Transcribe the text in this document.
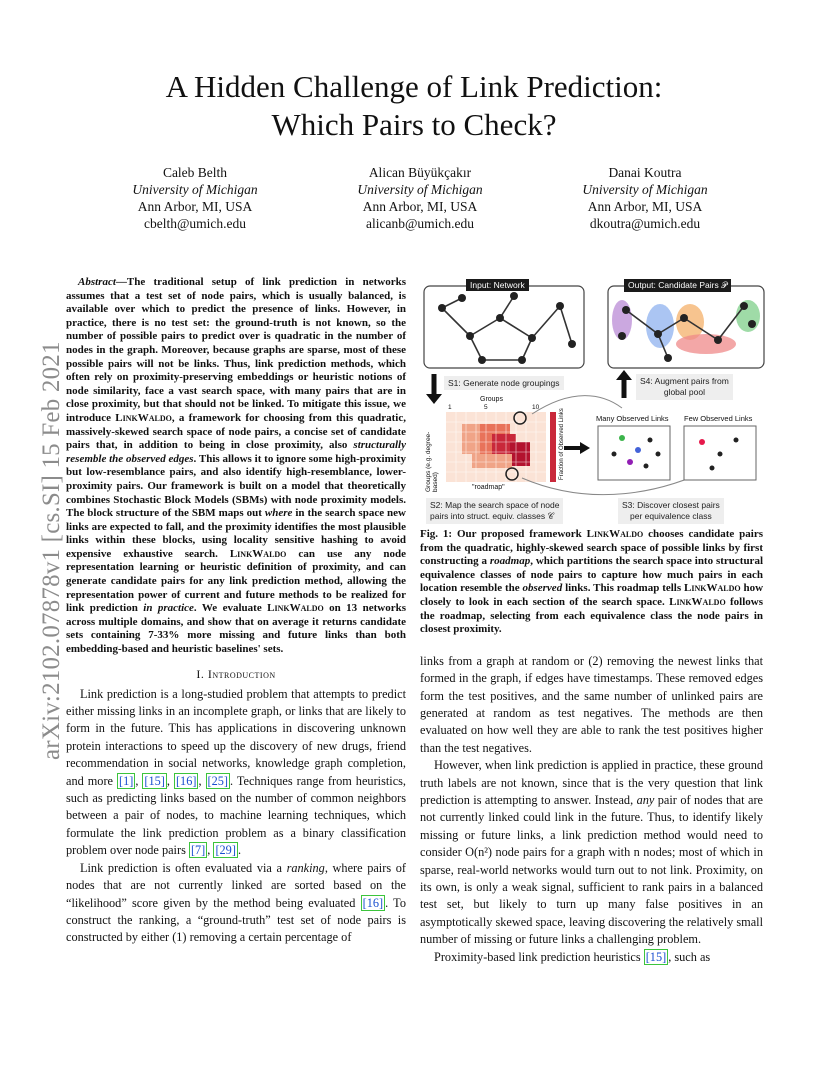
arXiv:2102.07878v1 [cs.SI] 15 Feb 2021
A Hidden Challenge of Link Prediction:
Which Pairs to Check?
Caleb Belth
University of Michigan
Ann Arbor, MI, USA
cbelth@umich.edu
Alican Büyükçakır
University of Michigan
Ann Arbor, MI, USA
alicanb@umich.edu
Danai Koutra
University of Michigan
Ann Arbor, MI, USA
dkoutra@umich.edu

Abstract—The traditional setup of link prediction in networks assumes that a test set of node pairs, which is usually balanced, is available over which to predict the presence of links. However, in practice, there is no test set: the ground-truth is not known, so the number of possible pairs to predict over is quadratic in the number of nodes in the graph. Moreover, because graphs are sparse, most of these possible pairs will not be links. Thus, link prediction methods, which often rely on proximity-preserving embeddings or heuristic notions of node similarity, face a vast search space, with many pairs that are in close proximity, but that should not be linked. To mitigate this issue, we introduce LinkWaldo, a framework for choosing from this quadratic, massively-skewed search space of node pairs, a concise set of candidate pairs that, in addition to being in close proximity, also structurally resemble the observed edges. This allows it to ignore some high-proximity but low-resemblance pairs, and also identify high-resemblance, lower-proximity pairs. Our framework is built on a model that theoretically combines Stochastic Block Models (SBMs) with node proximity models. The block structure of the SBM maps out where in the search space new links are expected to fall, and the proximity identifies the most plausible links within these blocks, using locality sensitive hashing to avoid expensive exhaustive search. LinkWaldo can use any node representation learning or heuristic definition of proximity, and can generate candidate pairs for any link prediction method, allowing the representation power of current and future methods to be realized for link prediction in practice. We evaluate LinkWaldo on 13 networks across multiple domains, and show that on average it returns candidate sets containing 7-33% more missing and future links than both embedding-based and heuristic baselines' sets.

I. Introduction

Link prediction is a long-studied problem that attempts to predict either missing links in an incomplete graph, or links that are likely to form in the future. This has applications in discovering unknown protein interactions to speed up the discovery of new drugs, friend recommendation in social networks, knowledge graph completion, and more [1] , [15] , [16] , [25] . Techniques range from heuristics, such as predicting links based on the number of common neighbors between a pair of nodes, to machine learning techniques, which formulate the link prediction problem as a binary classification problem over node pairs [7] , [29] .

Link prediction is often evaluated via a ranking, where pairs of nodes that are not currently linked are sorted based on the “likelihood” score given by the method being evaluated [16] . To construct the ranking, a “ground-truth” test set of node pairs is constructed by either (1) removing a certain percentage of

Input: Network	Output: Candidate Pairs 𝒫
S1: Generate node groupings	S4: Augment pairs from
global pool
Groups
1	5	10
Groups (e.g. degree-based)
Fraction of Observed Links
"roadmap"
Many Observed Links Few Observed Links
S2: Map the search space of node
pairs into struct. equiv. classes 𝒞
S3: Discover closest pairs
per equivalence class

Fig. 1: Our proposed framework LinkWaldo chooses candidate pairs from the quadratic, highly-skewed search space of possible links by first constructing a roadmap, which partitions the search space into structural equivalence classes of node pairs to capture how much pairs in each location resemble the observed links. This roadmap tells LinkWaldo how closely to look in each section of the search space. LinkWaldo follows the roadmap, selecting from each equivalence class the node pairs in closest proximity.

links from a graph at random or (2) removing the newest links that formed in the graph, if edges have timestamps. These removed edges form the test positives, and the same number of unlinked pairs are generated at random as test negatives. The methods are then evaluated on how well they are able to rank the test positives higher than the test negatives.

However, when link prediction is applied in practice, these ground truth labels are not known, since that is the very question that link prediction is attempting to answer. Instead, any pair of nodes that are not currently linked could link in the future. Thus, to identify likely missing or future links, a link prediction method would need to consider O(n²) node pairs for a graph with n nodes; most of which in sparse, real-world networks would turn out to not link. Proximity, on its own, is only a weak signal, sufficient to rank pairs in a balanced test set, but likely to turn up many false positives in an asymptotically skewed space, leaving discovering the relatively small number of missing or future links a challenging problem.

Proximity-based link prediction heuristics [15] , such as
